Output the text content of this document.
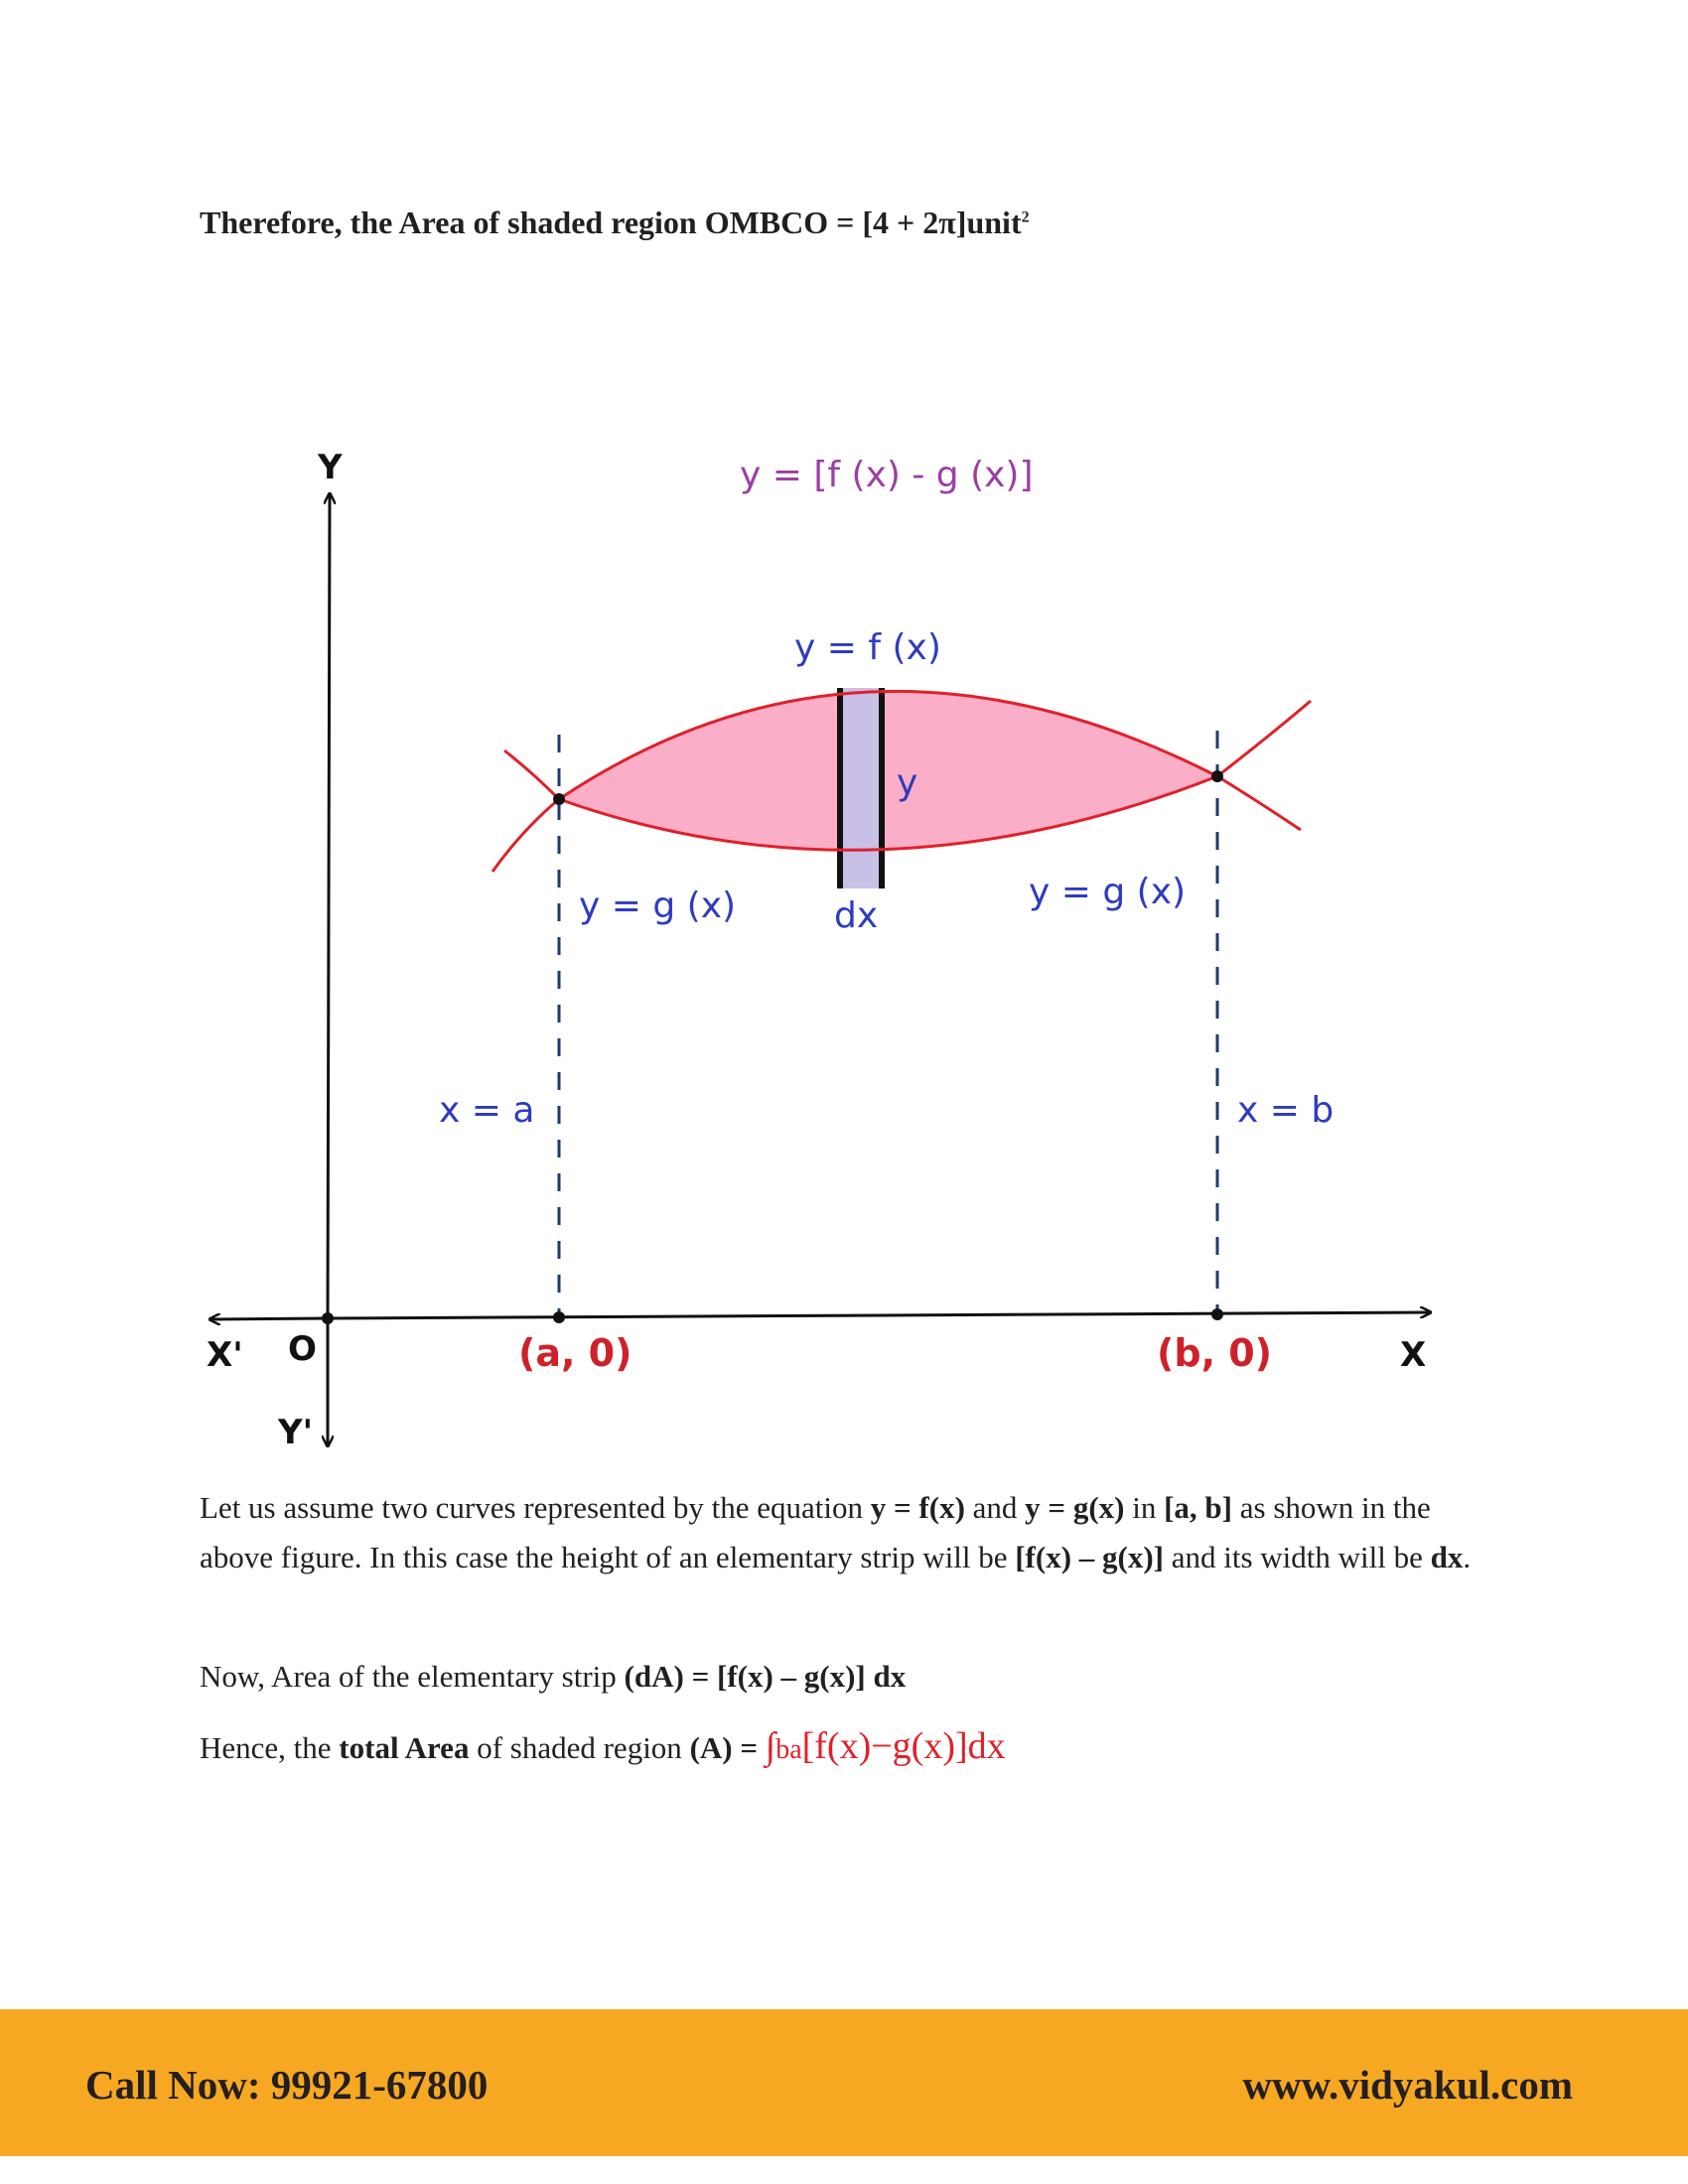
Therefore, the Area of shaded region OMBCO = [4 + 2π]unit$^2$
y = [f (x) - g (x)]
y = f (x)
y
y = g (x)	dx
y = g (x)
x = a	x = b
(a, 0)	(b, 0)
Y
Y'
X
X' O
Let us assume two curves represented by the equation y = f(x) and y = g(x) in [a, b] as shown in the above figure. In this case the height of an elementary strip will be [f(x) – g(x)] and its width will be dx.
Now, Area of the elementary strip (dA) = [f(x) – g(x)] dx
Hence, the total Area of shaded region (A) = ∫ba[f(x)−g(x)]dx
Call Now: 99921-67800	www.vidyakul.com
